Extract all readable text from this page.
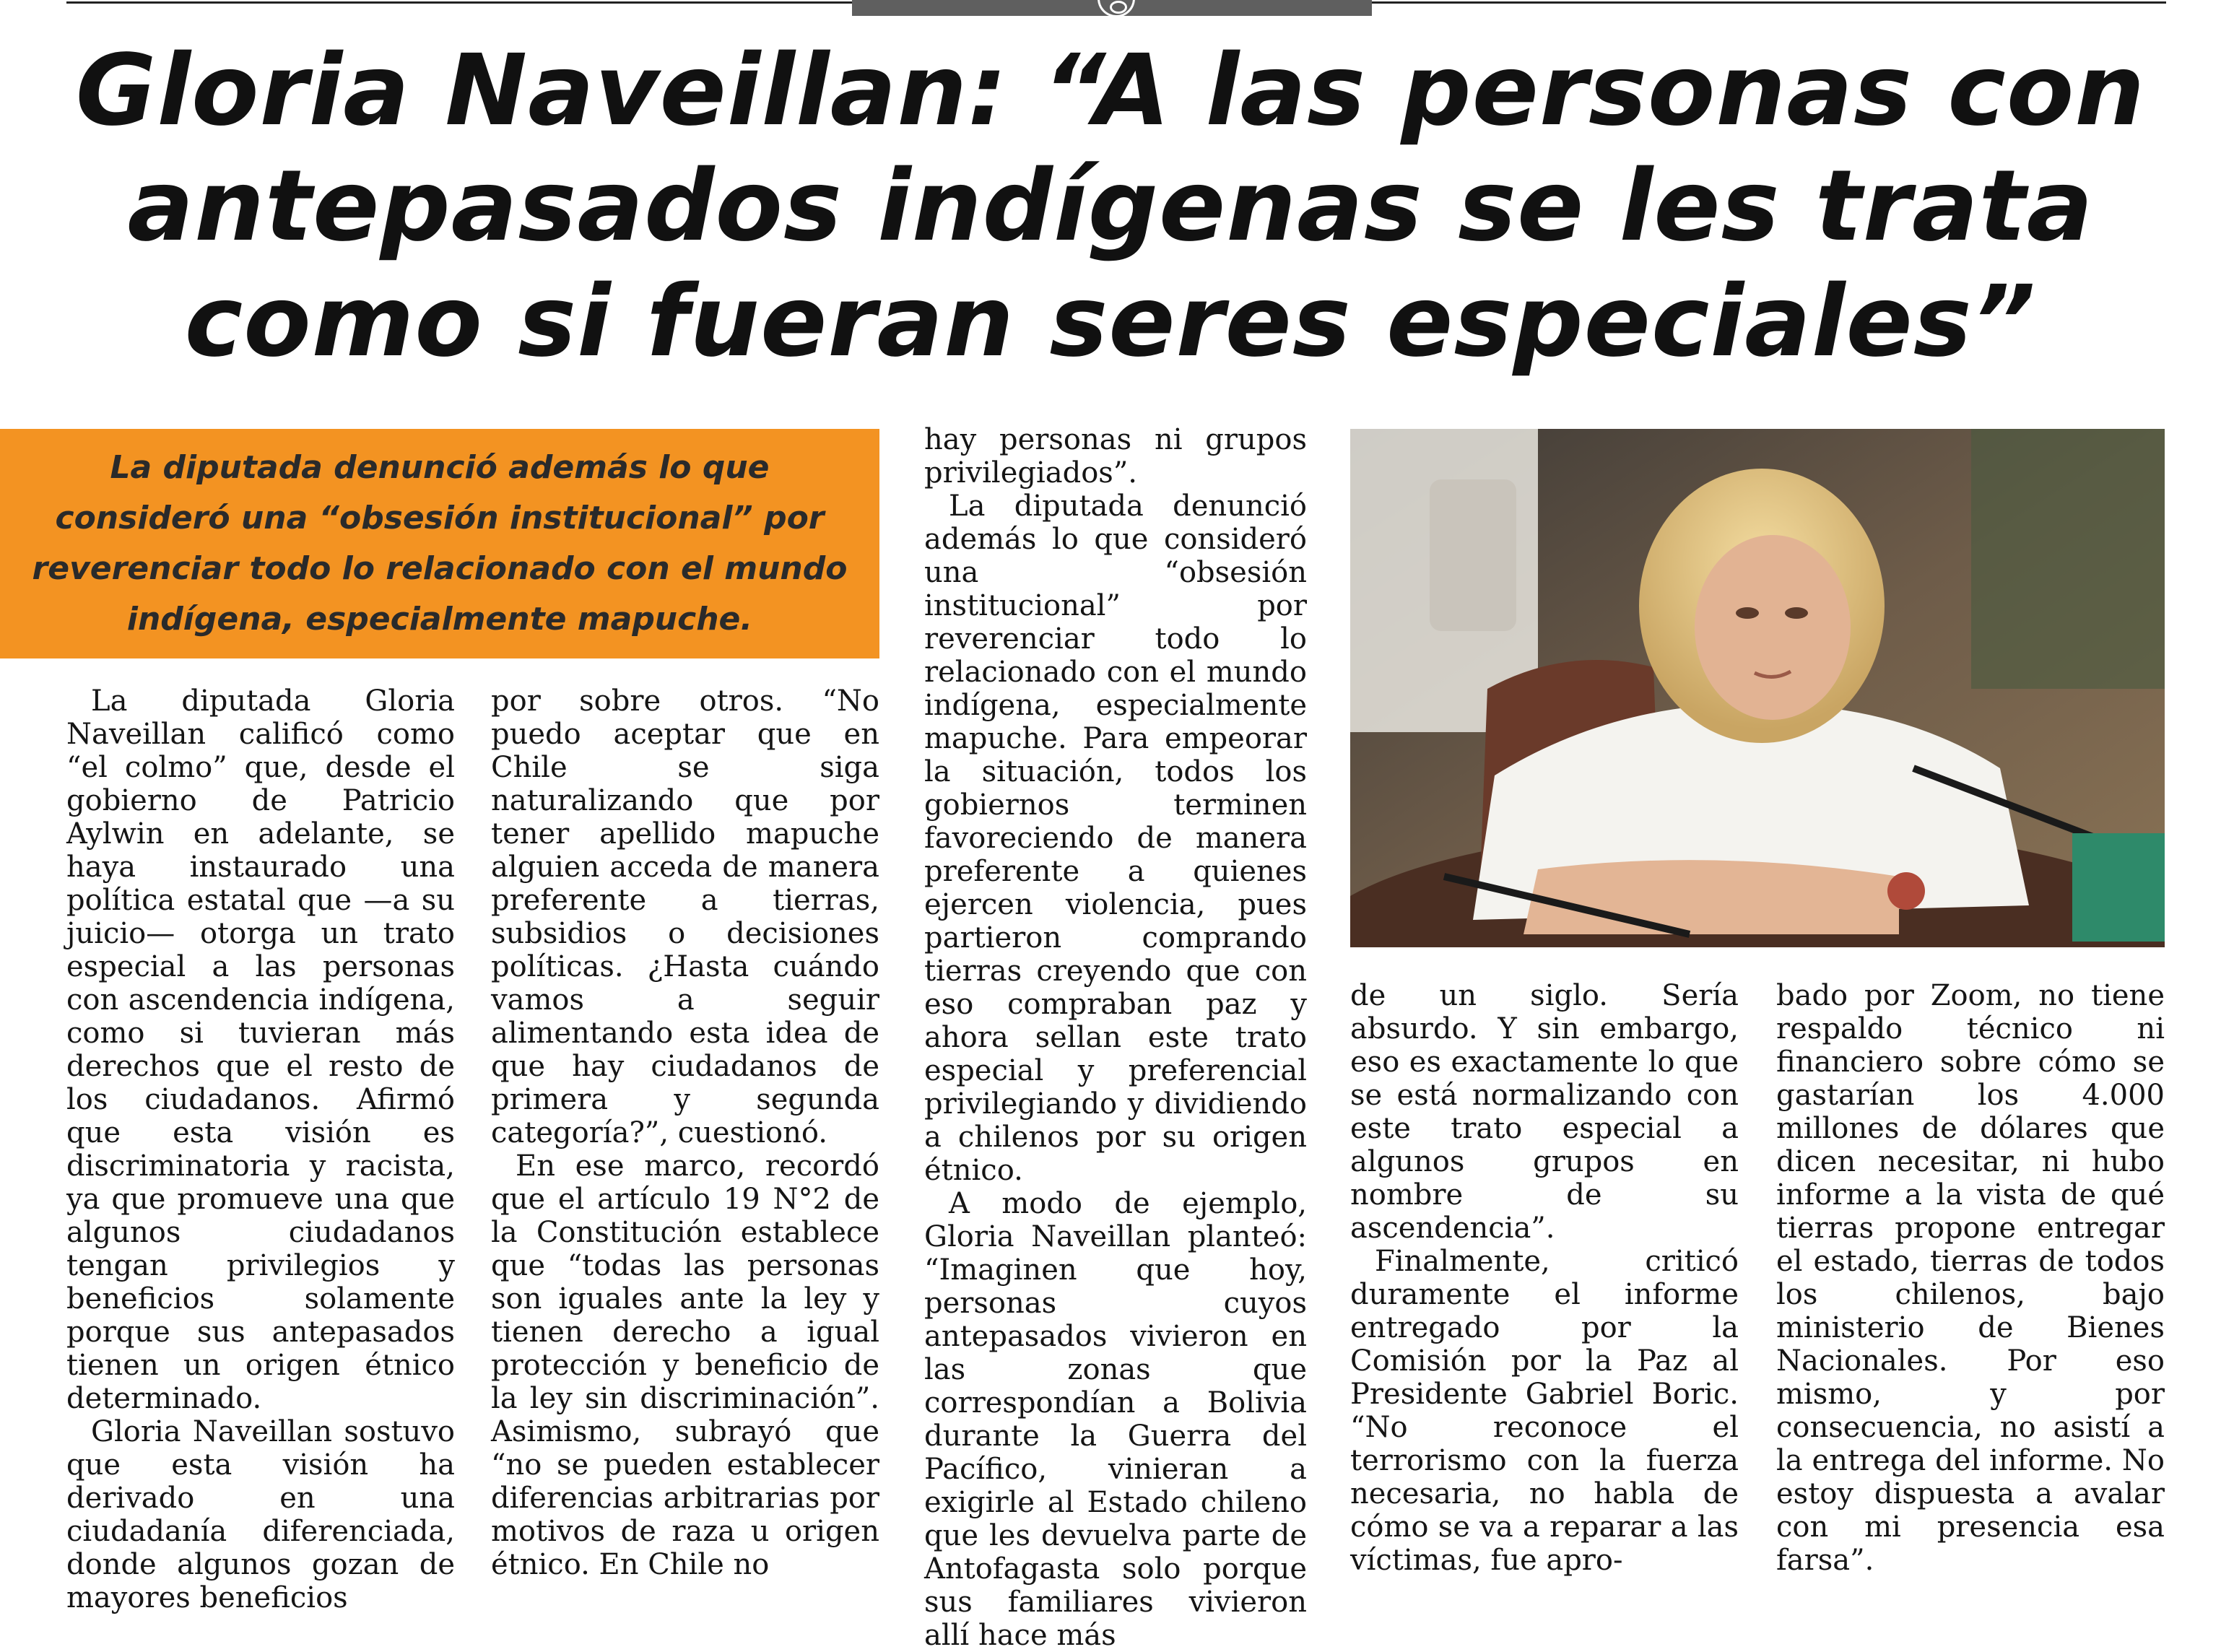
Gloria Naveillan: “A las personas con antepasados indígenas se les trata como si fueran seres especiales”

La diputada denunció además lo que consideró una “obsesión institucional” por reverenciar todo lo relacionado con el mundo indígena, especialmente mapuche.

La diputada Gloria Naveillan calificó como “el colmo” que, desde el gobierno de Patricio Aylwin en adelante, se haya instaurado una política estatal que —a su juicio— otorga un trato especial a las personas con ascendencia indígena, como si tuvieran más derechos que el resto de los ciudadanos. Afirmó que esta visión es discriminatoria y racista, ya que promueve una que algunos ciudadanos tengan privilegios y beneficios solamente porque sus antepasados tienen un origen étnico determinado.

Gloria Naveillan sostuvo que esta visión ha derivado en una ciudadanía diferenciada, donde algunos gozan de mayores beneficios

por sobre otros. “No puedo aceptar que en Chile se siga naturalizando que por tener apellido mapuche alguien acceda de manera preferente a tierras, subsidios o decisiones políticas. ¿Hasta cuándo vamos a seguir alimentando esta idea de que hay ciudadanos de primera y segunda categoría?”, cuestionó.

En ese marco, recordó que el artículo 19 N°2 de la Constitución establece que “todas las personas son iguales ante la ley y tienen derecho a igual protección y beneficio de la ley sin discriminación”. Asimismo, subrayó que “no se pueden establecer diferencias arbitrarias por motivos de raza u origen étnico. En Chile no

hay personas ni grupos privilegiados”.

La diputada denunció además lo que consideró una “obsesión institucional” por reverenciar todo lo relacionado con el mundo indígena, especialmente mapuche. Para empeorar la situación, todos los gobiernos terminen favoreciendo de manera preferente a quienes ejercen violencia, pues partieron comprando tierras creyendo que con eso compraban paz y ahora sellan este trato especial y preferencial privilegiando y dividiendo a chilenos por su origen étnico.

A modo de ejemplo, Gloria Naveillan planteó: “Imaginen que hoy, personas cuyos antepasados vivieron en las zonas que correspondían a Bolivia durante la Guerra del Pacífico, vinieran a exigirle al Estado chileno que les devuelva parte de Antofagasta solo porque sus familiares vivieron allí hace más

de un siglo. Sería absurdo. Y sin embargo, eso es exactamente lo que se está normalizando con este trato especial a algunos grupos en nombre de su ascendencia”.

Finalmente, criticó duramente el informe entregado por la Comisión por la Paz al Presidente Gabriel Boric. “No reconoce el terrorismo con la fuerza necesaria, no habla de cómo se va a reparar a las víctimas, fue apro-

bado por Zoom, no tiene respaldo técnico ni financiero sobre cómo se gastarían los 4.000 millones de dólares que dicen necesitar, ni hubo informe a la vista de qué tierras propone entregar el estado, tierras de todos los chilenos, bajo ministerio de Bienes Nacionales. Por eso mismo, y por consecuencia, no asistí a la entrega del informe. No estoy dispuesta a avalar con mi presencia esa farsa”.
